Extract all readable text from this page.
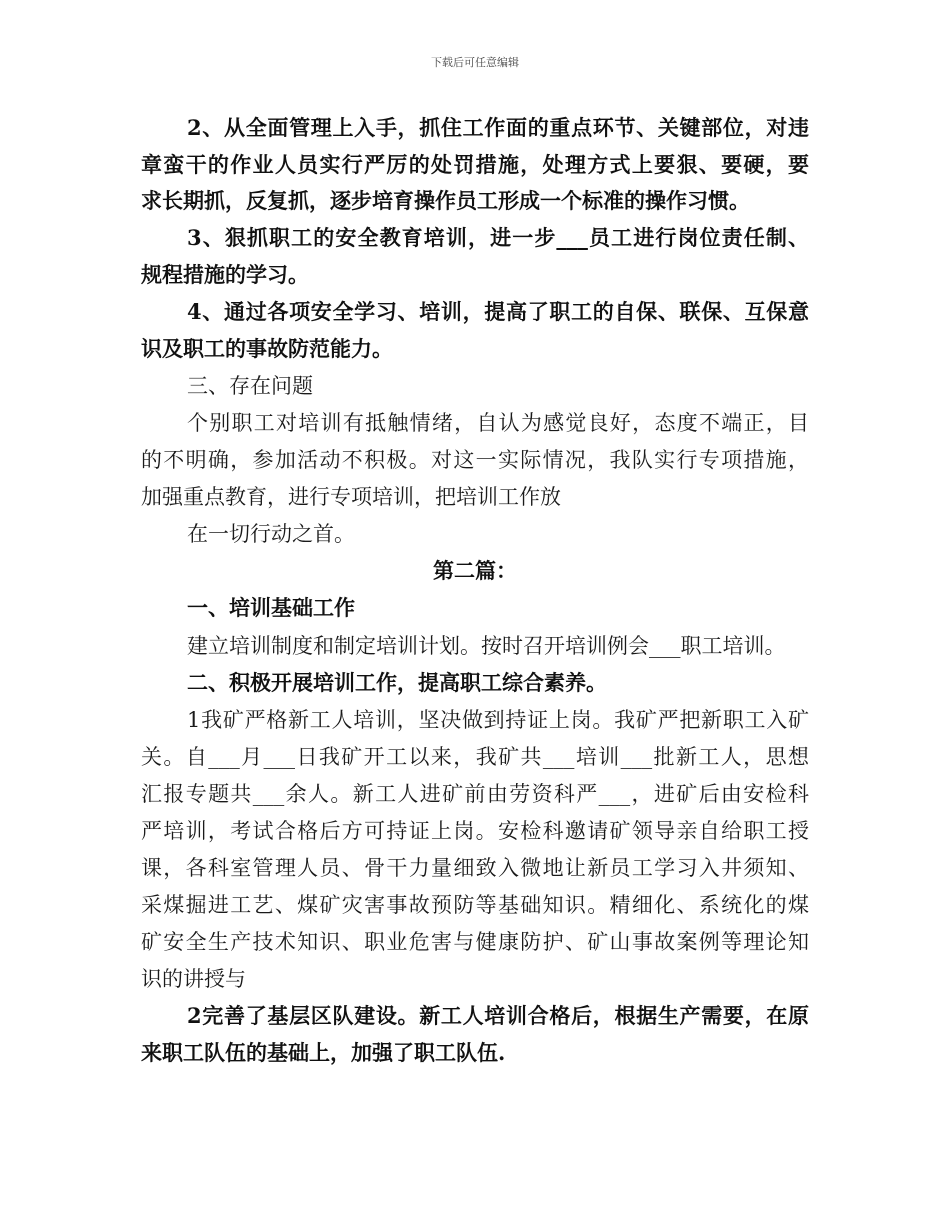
下载后可任意编辑
2、从全面管理上入手，抓住工作面的重点环节、关键部位，对违
章蛮干的作业人员实行严厉的处罚措施，处理方式上要狠、要硬，要
求长期抓，反复抓，逐步培育操作员工形成一个标准的操作习惯。
3、狠抓职工的安全教育培训，进一步___员工进行岗位责任制、
规程措施的学习。
4、通过各项安全学习、培训，提高了职工的自保、联保、互保意
识及职工的事故防范能力。
三、存在问题
个别职工对培训有抵触情绪，自认为感觉良好，态度不端正，目
的不明确，参加活动不积极。对这一实际情况，我队实行专项措施，
加强重点教育，进行专项培训，把培训工作放
在一切行动之首。
第二篇：
一、培训基础工作
建立培训制度和制定培训计划。按时召开培训例会___职工培训。
二、积极开展培训工作，提高职工综合素养。
1我矿严格新工人培训，坚决做到持证上岗。我矿严把新职工入矿
关。自___月___日我矿开工以来，我矿共___培训___批新工人，思想
汇报专题共___余人。新工人进矿前由劳资科严___，进矿后由安检科
严培训，考试合格后方可持证上岗。安检科邀请矿领导亲自给职工授
课，各科室管理人员、骨干力量细致入微地让新员工学习入井须知、
采煤掘进工艺、煤矿灾害事故预防等基础知识。精细化、系统化的煤
矿安全生产技术知识、职业危害与健康防护、矿山事故案例等理论知
识的讲授与
2完善了基层区队建设。新工人培训合格后，根据生产需要，在原
来职工队伍的基础上，加强了职工队伍.
